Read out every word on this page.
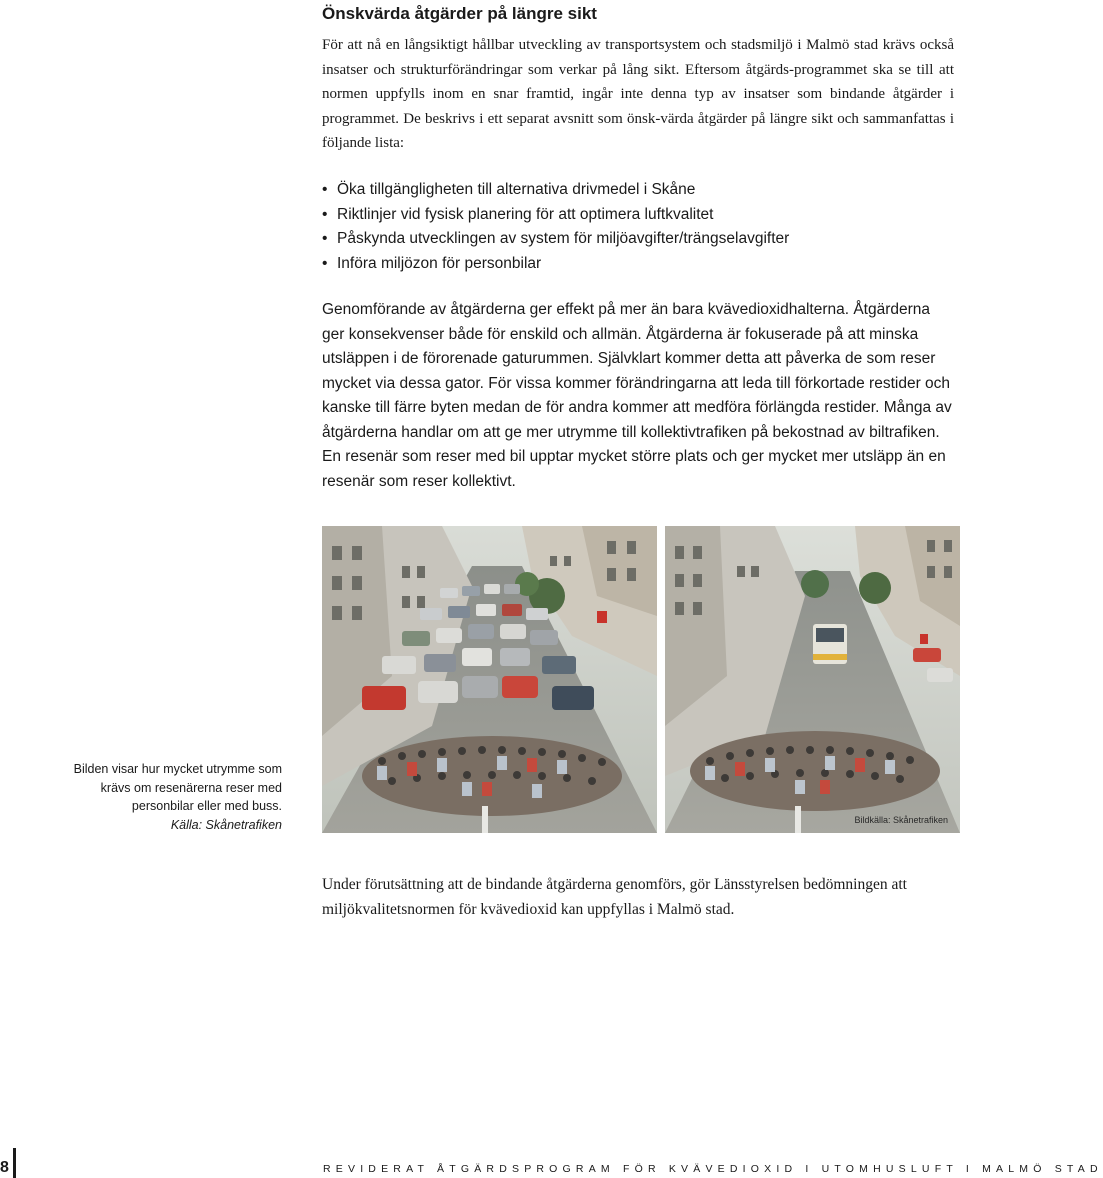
Önskvärda åtgärder på längre sikt

För att nå en långsiktigt hållbar utveckling av transportsystem och stadsmiljö i Malmö stad krävs också insatser och strukturförändringar som verkar på lång sikt. Eftersom åtgärds-programmet ska se till att normen uppfylls inom en snar framtid, ingår inte denna typ av insatser som bindande åtgärder i programmet. De beskrivs i ett separat avsnitt som önsk-värda åtgärder på längre sikt och sammanfattas i följande lista:

• Öka tillgängligheten till alternativa drivmedel i Skåne
• Riktlinjer vid fysisk planering för att optimera luftkvalitet
• Påskynda utvecklingen av system för miljöavgifter/trängselavgifter
• Införa miljözon för personbilar

Genomförande av åtgärderna ger effekt på mer än bara kvävedioxidhalterna. Åtgärderna ger konsekvenser både för enskild och allmän. Åtgärderna är fokuserade på att minska utsläppen i de förorenade gaturummen. Självklart kommer detta att påverka de som reser mycket via dessa gator. För vissa kommer förändringarna att leda till förkortade restider och kanske till färre byten medan de för andra kommer att medföra förlängda restider. Många av åtgärderna handlar om att ge mer utrymme till kollektivtrafiken på bekostnad av biltrafiken. En resenär som reser med bil upptar mycket större plats och ger mycket mer utsläpp än en resenär som reser kollektivt.

Bildkälla: Skånetrafiken

Bilden visar hur mycket utrymme som

krävs om resenärerna reser med

personbilar eller med buss.

Källa: Skånetrafiken

Under förutsättning att de bindande åtgärderna genomförs, gör Länsstyrelsen bedömningen att miljökvalitetsnormen för kvävedioxid kan uppfyllas i Malmö stad.

8	REVIDERAT ÅTGÄRDSPROGRAM FÖR KVÄVEDIOXID I UTOMHUSLUFT I MALMÖ STAD
